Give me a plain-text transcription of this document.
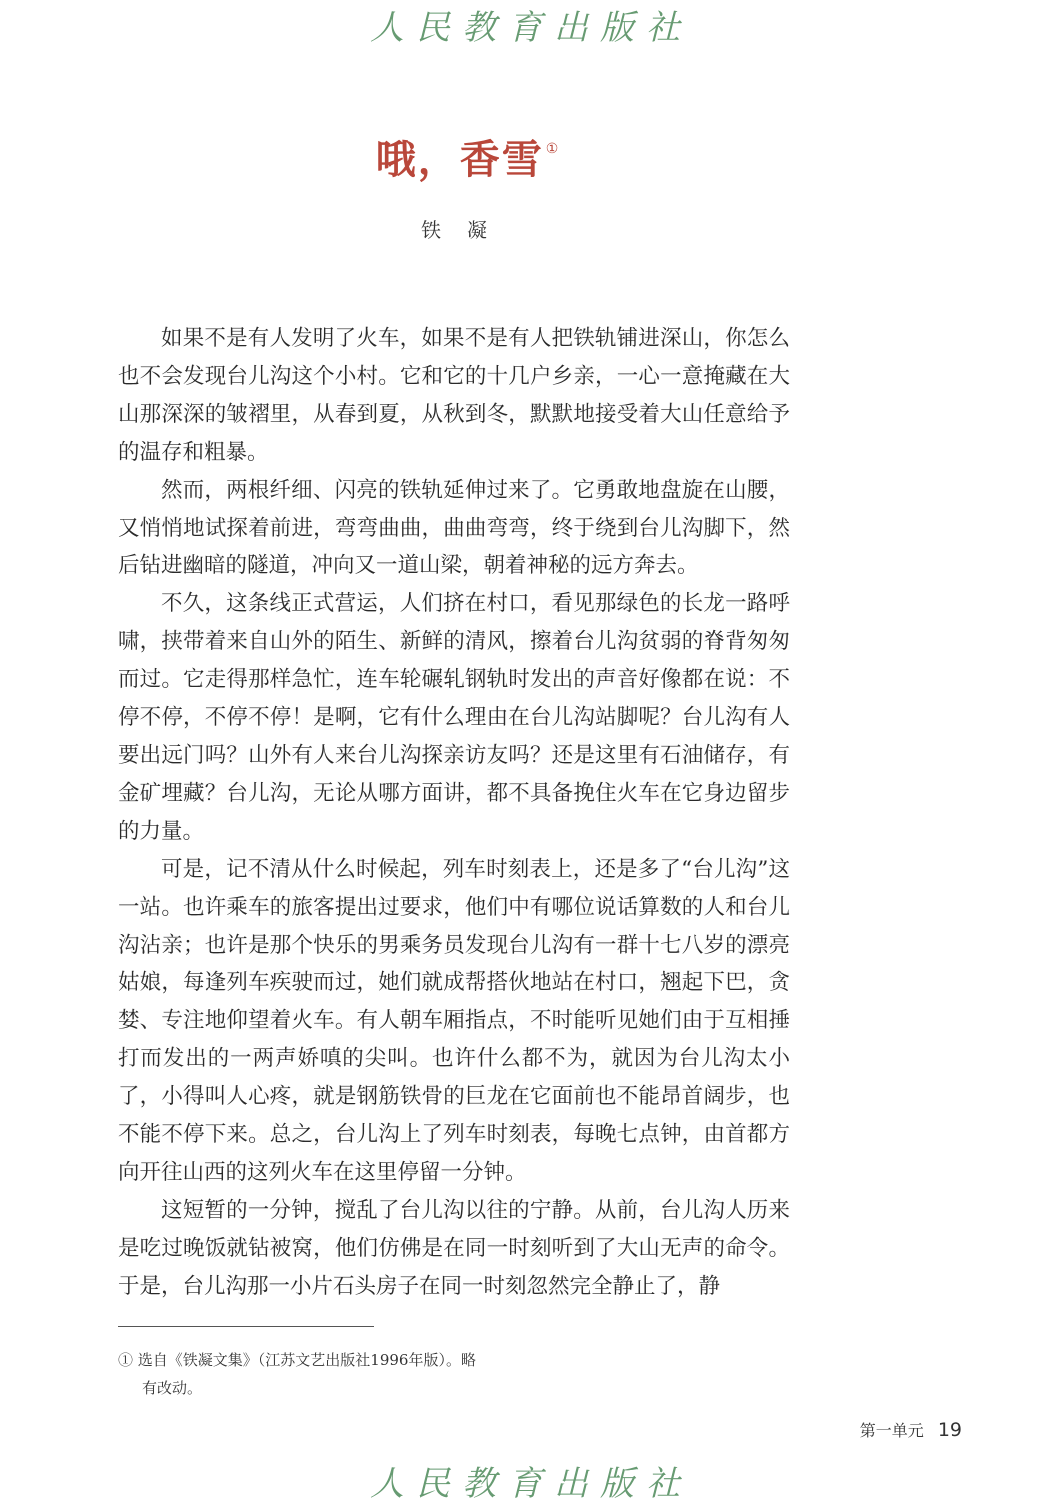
人民教育出版社
哦，香雪 ①
铁凝

如果不是有人发明了火车，如果不是有人把铁轨铺进深山，你怎么也不会发现台儿沟这个小村。它和它的十几户乡亲，一心一意掩藏在大山那深深的皱褶里，从春到夏，从秋到冬，默默地接受着大山任意给予的温存和粗暴。

然而，两根纤细、闪亮的铁轨延伸过来了。它勇敢地盘旋在山腰，又悄悄地试探着前进，弯弯曲曲，曲曲弯弯，终于绕到台儿沟脚下，然后钻进幽暗的隧道，冲向又一道山梁，朝着神秘的远方奔去。

不久，这条线正式营运，人们挤在村口，看见那绿色的长龙一路呼啸，挟带着来自山外的陌生、新鲜的清风，擦着台儿沟贫弱的脊背匆匆而过。它走得那样急忙，连车轮碾轧钢轨时发出的声音好像都在说：不停不停，不停不停！是啊，它有什么理由在台儿沟站脚呢？台儿沟有人要出远门吗？山外有人来台儿沟探亲访友吗？还是这里有石油储存，有金矿埋藏？台儿沟，无论从哪方面讲，都不具备挽住火车在它身边留步的力量。

可是，记不清从什么时候起，列车时刻表上，还是多了“台儿沟”这一站。也许乘车的旅客提出过要求，他们中有哪位说话算数的人和台儿沟沾亲；也许是那个快乐的男乘务员发现台儿沟有一群十七八岁的漂亮姑娘，每逢列车疾驶而过，她们就成帮搭伙地站在村口，翘起下巴，贪婪、专注地仰望着火车。有人朝车厢指点，不时能听见她们由于互相捶打而发出的一两声娇嗔的尖叫。也许什么都不为，就因为台儿沟太小了，小得叫人心疼，就是钢筋铁骨的巨龙在它面前也不能昂首阔步，也不能不停下来。总之，台儿沟上了列车时刻表，每晚七点钟，由首都方向开往山西的这列火车在这里停留一分钟。

这短暂的一分钟，搅乱了台儿沟以往的宁静。从前，台儿沟人历来是吃过晚饭就钻被窝，他们仿佛是在同一时刻听到了大山无声的命令。于是，台儿沟那一小片石头房子在同一时刻忽然完全静止了，静

① 选自《铁凝文集》（江苏文艺出版社1996年版）。略
有改动。
第一单元 19
人民教育出版社
